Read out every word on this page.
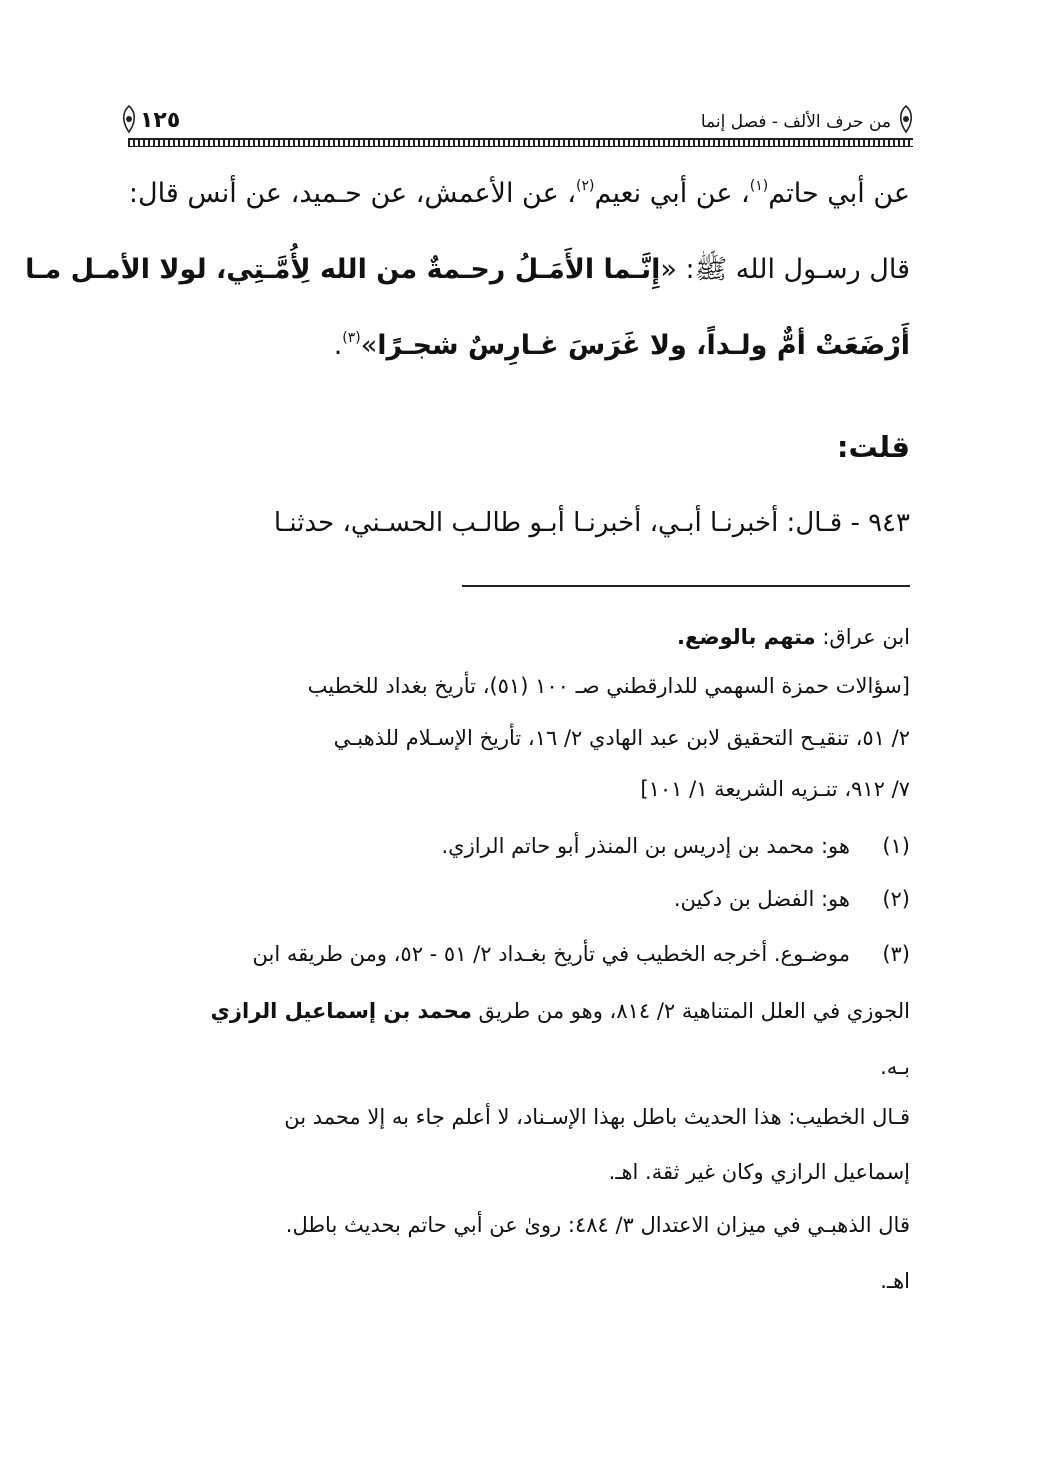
من حرف الألف - فصل إنما
١٢٥
عن أبي حاتم$^{(١)}$، عن أبي نعيم$^{(٢)}$، عن الأعمش، عن حـميد، عن أنس قال:
قال رسـول الله ﷺ: «إِنَّـما الأَمَـلُ رحـمةٌ من الله لِأُمَّـتِي، لولا الأمـل مـا
أَرْضَعَتْ أمٌّ ولـداً، ولا غَرَسَ غـارِسٌ شجـرًا»$^{(٣)}$.
قلت:
٩٤٣ - قـال: أخبرنـا أبـي، أخبرنـا أبـو طالـب الحسـني، حدثنـا
ابن عراق: متهم بالوضع.
[سؤالات حمزة السهمي للدارقطني صـ ١٠٠ (٥١)، تأريخ بغداد للخطيب
٢/ ٥١، تنقيـح التحقيق لابن عبد الهادي ٢/ ١٦، تأريخ الإسـلام للذهبـي
٧/ ٩١٢، تنـزيه الشريعة ١/ ١٠١]
(١)هو: محمد بن إدريس بن المنذر أبو حاتم الرازي.
(٢)هو: الفضل بن دكين.
(٣)موضـوع. أخرجه الخطيب في تأريخ بغـداد ٢/ ٥١ - ٥٢، ومن طريقه ابن
الجوزي في العلل المتناهية ٢/ ٨١٤، وهو من طريق محمد بن إسماعيل الرازي
بـه.
قـال الخطيب: هذا الحديث باطل بهذا الإسـناد، لا أعلم جاء به إلا محمد بن
إسماعيل الرازي وكان غير ثقة. اهـ.
قال الذهبـي في ميزان الاعتدال ٣/ ٤٨٤: روىٰ عن أبي حاتم بحديث باطل.
اهـ.
